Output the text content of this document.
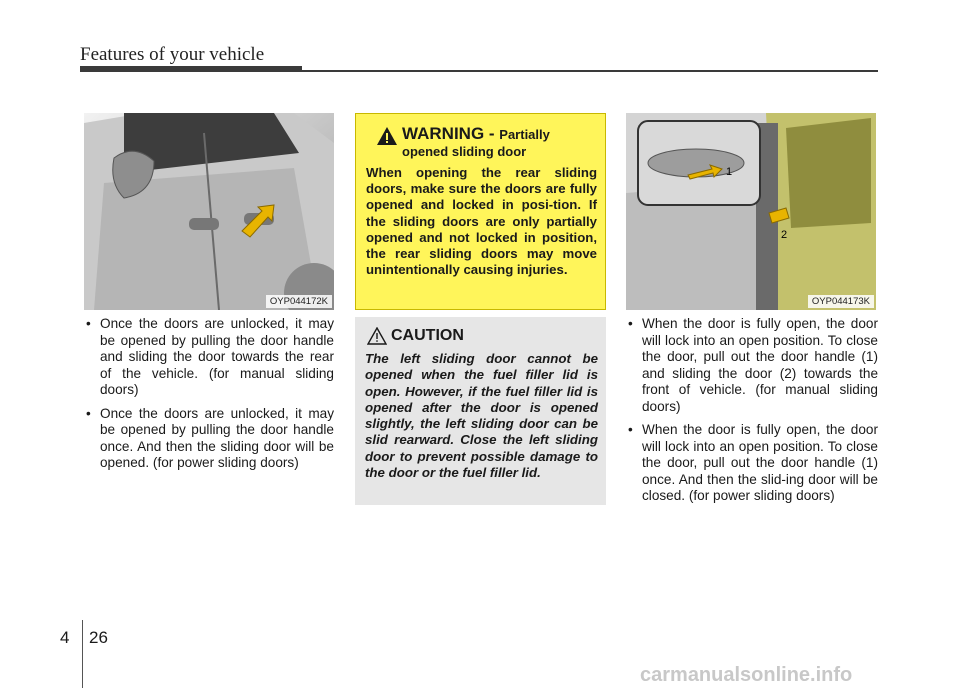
Features of your vehicle
OYP044172K
1
2
OYP044173K
• Once the doors are unlocked, it may be opened by pulling the door handle and sliding the door towards the rear of the vehicle. (for manual sliding doors)
• Once the doors are unlocked, it may be opened by pulling the door handle once. And then the sliding door will be opened. (for power sliding doors)
WARNING - Partially
opened sliding door
When opening the rear sliding doors, make sure the doors are fully opened and locked in posi-tion. If the sliding doors are only partially opened and not locked in position, the rear sliding doors may move unintentionally causing injuries.
CAUTION
The left sliding door cannot be opened when the fuel filler lid is open. However, if the fuel filler lid is opened after the door is opened slightly, the left sliding door can be slid rearward. Close the left sliding door to prevent possible damage to the door or the fuel filler lid.
• When the door is fully open, the door will lock into an open position. To close the door, pull out the door handle (1) and sliding the door (2) towards the front of vehicle. (for manual sliding doors)
• When the door is fully open, the door will lock into an open position. To close the door, pull out the door handle (1) once. And then the slid-ing door will be closed. (for power sliding doors)
4 26
carmanualsonline.info
